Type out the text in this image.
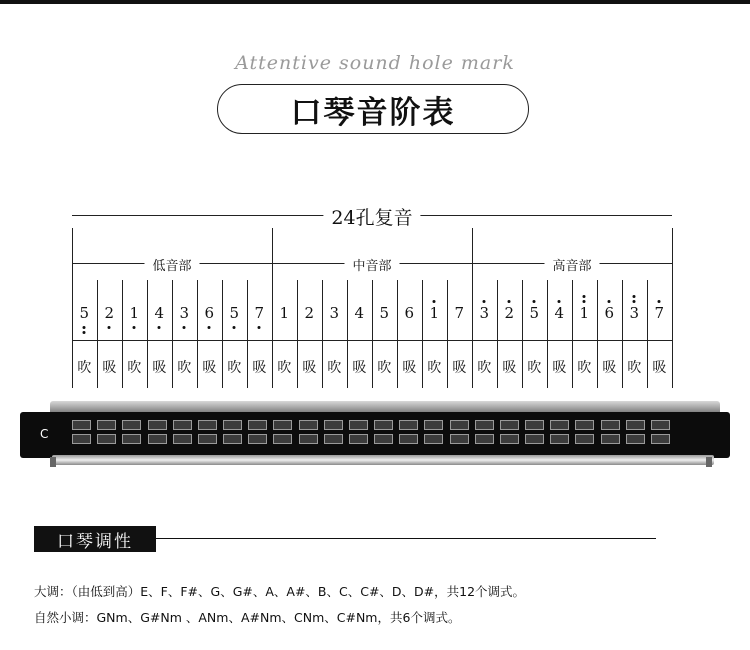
Attentive sound hole mark
口琴音阶表
24孔复音
低音部	中音部	高音部
5
吹
2
吸
1
吹
4
吸
3
吹
6
吸
5
吹
7
吸
1
吹
2
吸
3
吹
4
吸
5
吹
6
吸
1
吹
7
吸
3
吹
2
吸
5
吹
4
吸
1
吹
6
吸
3
吹
7
吸
C
口琴调性
大调：（由低到高）E、F、F#、G、G#、A、A#、B、C、C#、D、D#，共12个调式。
自然小调：GNm、G#Nm 、ANm、A#Nm、CNm、C#Nm，共6个调式。
